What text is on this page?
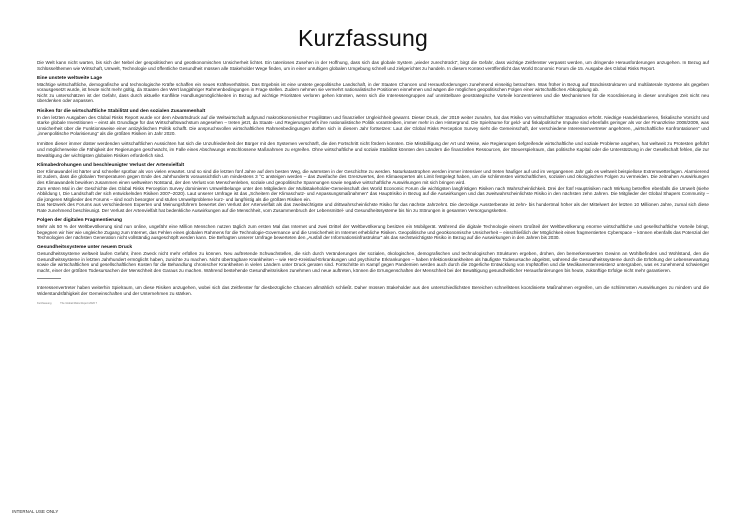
Kurzfassung

Die Welt kann nicht warten, bis sich der Nebel der geopolitischen und geoökonomischen Unsicherheit lichtet. Ein tatenloses Zusehen in der Hoffnung, dass sich das globale System „wieder zurechtrückt“, birgt die Gefahr, dass wichtige Zeitfenster verpasst werden, um dringende Herausforderungen anzugehen. In Bezug auf Schlüsselthemen wie Wirtschaft, Umwelt, Technologie und öffentliche Gesundheit müssen alle Stakeholder Wege finden, um in einer unruhigen globalen Umgebung schnell und zielgerichtet zu handeln. In diesem Kontext veröffentlicht das World Economic Forum die 15. Ausgabe des Global Risks Report.

Eine unstete weltweite Lage

Mächtige wirtschaftliche, demografische und technologische Kräfte schaffen ein neues Kräfteverhältnis. Das Ergebnis ist eine unstete geopolitische Landschaft, in der Staaten Chancen und Herausforderungen zunehmend einseitig betrachten. Was früher in Bezug auf Bündnisstrukturen und multilaterale Systeme als gegeben vorausgesetzt wurde, ist heute nicht mehr gültig, da Staaten den Wert langjähriger Rahmenbedingungen in Frage stellen. Zudem nehmen sie vermehrt nationalistische Positionen einnehmen und wägen die möglichen geopolitischen Folgen einer wirtschaftlichen Abkopplung ab.

Nicht zu unterschätzen ist der Gefahr, dass durch aktuelle Konflikte Handlungsmöglichkeiten in Bezug auf wichtige Prioritäten verloren gehen könnten, wenn sich die Interessengruppen auf unmittelbare geostrategische Vorteile konzentrieren und die Mechanismen für die Koordinierung in dieser unruhigen Zeit nicht neu überdenken oder anpassen.

Risiken für die wirtschaftliche Stabilität und den sozialen Zusammenhalt

In den letzten Ausgaben des Global Risks Report wurde vor dem Abwärtsdruck auf die Weltwirtschaft aufgrund makroökonomischer Fragilitäten und finanzieller Ungleichheit gewarnt. Dieser Druck, der 2019 weiter zunahm, hat das Risiko von wirtschaftlicher Stagnation erhöht. Niedrige Handelsbarrieren, fiskalische Vorsicht und starke globale Investitionen – einst als Grundlage für das Wirtschaftswachstum angesehen – treten jetzt, da Staats- und Regierungschefs ihre nationalistische Politik vorantreiben, immer mehr in den Hintergrund. Die Spielräume für geld- und fiskalpolitische Impulse sind ebenfalls geringer als vor der Finanzkrise 2008/2009, was Unsicherheit über die Funktionsweise einer antizyklischen Politik schafft. Die anspruchsvollen wirtschaftlichen Rahmenbedingungen dürften sich in diesem Jahr fortsetzen: Laut der Global Risks Perception Survey sieht die Gemeinschaft, der verschiedene Interessenvertreter angehören, „wirtschaftliche Konfrontationen“ und „innenpolitische Polarisierung“ als die größten Risiken im Jahr 2020.

Inmitten dieser immer düster werdenden wirtschaftlichen Aussichten hat sich die Unzufriedenheit der Bürger mit den Systemen verschärft, die den Fortschritt nicht fördern konnten. Die Missbilligung der Art und Weise, wie Regierungen tiefgreifende wirtschaftliche und soziale Probleme angehen, hat weltweit zu Protesten geführt und möglicherweise die Fähigkeit der Regierungen geschwächt, im Falle eines Abschwungs entschlossene Maßnahmen zu ergreifen. Ohne wirtschaftliche und soziale Stabilität könnten den Ländern die finanziellen Ressourcen, der Steuerspielraum, das politische Kapital oder die Unterstützung in der Gesellschaft fehlen, die zur Bewältigung der wichtigsten globalen Risiken erforderlich sind.

Klimabedrohungen und beschleunigter Verlust der Artenvielfalt

Der Klimawandel ist härter und schneller spürbar als von vielen erwartet. Und so sind die letzten fünf Jahre auf dem besten Weg, die wärmsten in der Geschichte zu werden. Naturkatastrophen werden immer intensiver und treten häufiger auf und im vergangenen Jahr gab es weltweit beispiellose Extremwetterlagen. Alarmierend ist zudem, dass die globalen Temperaturen gegen Ende des Jahrhunderts voraussichtlich um mindestens 3 °C ansteigen werden – das Zweifache des Grenzwertes, den Klimaexperten als Limit festgelegt haben, um die schlimmsten wirtschaftlichen, sozialen und ökologischen Folgen zu vermeiden. Die zeitnahen Auswirkungen des Klimawandels bewirken zusammen einen weltweiten Notstand, der den Verlust von Menschenleben, soziale und geopolitische Spannungen sowie negative wirtschaftliche Auswirkungen mit sich bringen wird.

Zum ersten Mal in der Geschichte des Global Risks Perception Survey dominieren Umweltbelange unter den Mitgliedern der Multistakeholder-Gemeinschaft des World Economic Forum die wichtigsten langfristigen Risiken nach Wahrscheinlichkeit. Drei der fünf Hauptrisiken nach Wirkung betreffen ebenfalls die Umwelt (siehe Abbildung I, Die Landschaft der sich entwickelnden Risiken 2007–2020). Laut unserer Umfrage ist das „Scheitern der Klimaschutz- und Anpassungsmaßnahmen“ das Hauptrisiko in Bezug auf die Auswirkungen und das zweitwahrscheinlichste Risiko in den nächsten zehn Jahren. Die Mitglieder der Global Shapers Community – die jüngeren Mitglieder des Forums – sind noch besorgter und stufen Umweltprobleme kurz- und langfristig als die größten Risiken ein.

Das Netzwerk des Forums aus verschiedenen Experten und Meinungsführern bewertet den Verlust der Artenvielfalt als das zweitwichtigste und drittwahrscheinlichste Risiko für das nächste Jahrzehnt. Die derzeitige Aussterberate ist zehn- bis hundertmal höher als der Mittelwert der letzten 10 Millionen Jahre, zumal sich diese Rate zunehmend beschleunigt. Der Verlust der Artenvielfalt hat bedenkliche Auswirkungen auf die Menschheit, vom Zusammenbruch der Lebensmittel- und Gesundheitssysteme bis hin zu Störungen in gesamten Versorgungsketten.

Folgen der digitalen Fragmentierung

Mehr als 50 % der Weltbevölkerung sind nun online, ungefähr eine Million Menschen nutzen täglich zum ersten Mal das Internet und zwei Drittel der Weltbevölkerung besitzen ein Mobilgerät. Während die digitale Technologie einem Großteil der Weltbevölkerung enorme wirtschaftliche und gesellschaftliche Vorteile bringt, begegnen wir hier wie ungleiche Zugang zum Internet, das Fehlen eines globalen Rahmens für die Technologie-Governance und die Unsicherheit im Internet erhebliche Risiken. Geopolitische und geoökonomische Unsicherheit – einschließlich der Möglichkeit eines fragmentierten Cyberspace – können ebenfalls das Potenzial der Technologien der nächsten Generation nicht vollständig ausgeschöpft werden kann. Die Befragten unserer Umfrage bewerteten den „Ausfall der Informationsinfrastruktur“ als das sechstwichtigste Risiko in Bezug auf die Auswirkungen in den Jahren bis 2030.

Gesundheitssysteme unter neuem Druck

Gesundheitssysteme weltweit laufen Gefahr, ihren Zweck nicht mehr erfüllen zu können. Neu auftretende Schwachstellen, die sich durch Veränderungen der sozialen, ökologischen, demografischen und technologischen Strukturen ergeben, drohen, den bemerkenswerten Gewinn an Wohlbefinden und Wohlstand, den die Gesundheitssysteme in letzten Jahrhundert ermöglicht haben, zunichte zu machen. Nicht übertragbare Krankheiten – wie Herz-Kreislauf-Erkrankungen und psychische Erkrankungen – haben Infektionskrankheiten als häufigste Todesursache abgelöst, während die Gesundheitssysteme durch die Erhöhung der Lebenserwartung sowie die wirtschaftlichen und gesellschaftlichen Kosten für die Behandlung chronischer Krankheiten in vielen Ländern unter Druck geraten sind. Fortschritte im Kampf gegen Pandemien werden auch durch die zögerliche Entwicklung von Impfstoffen und die Medikamentenresistenz untergraben, was es zunehmend schwieriger macht, einer der größten Todesursachen der Menschheit den Garaus zu machen. Während bestehende Gesundheitsrisiken zunehmen und neue auftreten, können die Errungenschaften der Menschheit bei der Bewältigung gesundheitlicher Herausforderungen bis heute, zukünftige Erfolge nicht mehr garantieren.

Interessenvertreter haben weiterhin Spielraum, um diese Risiken anzugehen, wobei sich das Zeitfenster für diesbezügliche Chancen allmählich schließt. Daher müssen Stakeholder aus den unterschiedlichsten Bereichen schnellstens koordinierte Maßnahmen ergreifen, um die schlimmsten Auswirkungen zu mindern und die Widerstandsfähigkeit der Gemeinschaften und der Unternehmen zu stärken.

Kurzfassung	The Global Risks Report 2020 7
INTERNAL USE ONLY
